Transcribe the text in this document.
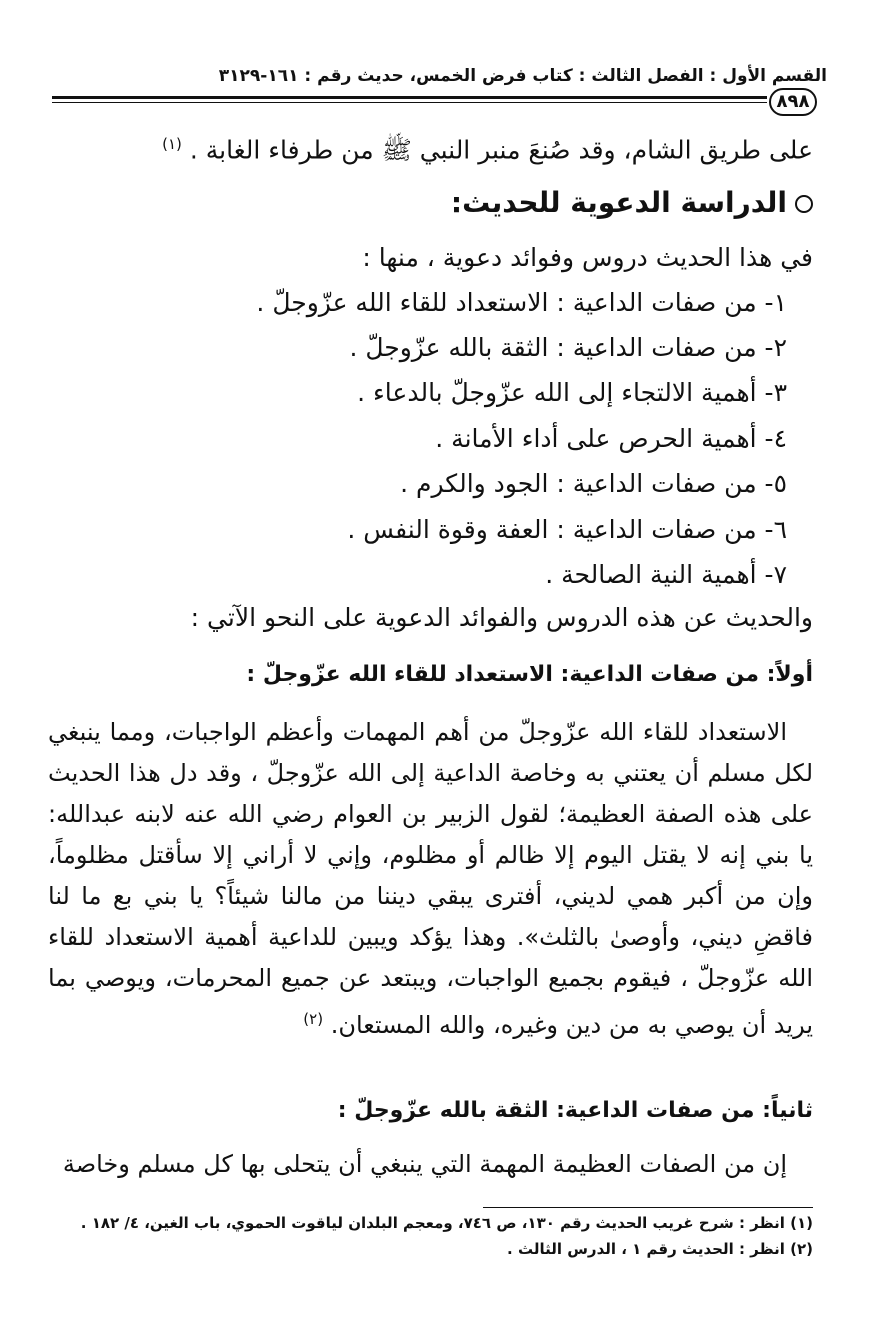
القسم الأول : الفصل الثالث : كتاب فرض الخمس، حديث رقم : ١٦١-٣١٢٩
٨٩٨
على طريق الشام، وقد صُنعَ منبر النبي ﷺ من طرفاء الغابة . $^{(١)}$
الدراسة الدعوية للحديث:
في هذا الحديث دروس وفوائد دعوية ، منها :
١- من صفات الداعية : الاستعداد للقاء الله عزّوجلّ .
٢- من صفات الداعية : الثقة بالله عزّوجلّ .
٣- أهمية الالتجاء إلى الله عزّوجلّ بالدعاء .
٤- أهمية الحرص على أداء الأمانة .
٥- من صفات الداعية : الجود والكرم .
٦- من صفات الداعية : العفة وقوة النفس .
٧- أهمية النية الصالحة .
والحديث عن هذه الدروس والفوائد الدعوية على النحو الآتي :
أولاً: من صفات الداعية: الاستعداد للقاء الله عزّوجلّ :
الاستعداد للقاء الله عزّوجلّ من أهم المهمات وأعظم الواجبات، ومما ينبغي لكل مسلم أن يعتني به وخاصة الداعية إلى الله عزّوجلّ ، وقد دل هذا الحديث على هذه الصفة العظيمة؛ لقول الزبير بن العوام رضي الله عنه لابنه عبدالله: يا بني إنه لا يقتل اليوم إلا ظالم أو مظلوم، وإني لا أراني إلا سأقتل مظلوماً، وإن من أكبر همي لديني، أفترى يبقي ديننا من مالنا شيئاً؟ يا بني بع ما لنا فاقضِ ديني، وأوصىٰ بالثلث». وهذا يؤكد ويبين للداعية أهمية الاستعداد للقاء الله عزّوجلّ ، فيقوم بجميع الواجبات، ويبتعد عن جميع المحرمات، ويوصي بما يريد أن يوصي به من دين وغيره، والله المستعان. $^{(٢)}$
ثانياً: من صفات الداعية: الثقة بالله عزّوجلّ :
إن من الصفات العظيمة المهمة التي ينبغي أن يتحلى بها كل مسلم وخاصة
(١) انظر : شرح غريب الحديث رقم ١٣٠، ص ٧٤٦، ومعجم البلدان لياقوت الحموي، باب الغين، ٤/ ١٨٢ .
(٢) انظر : الحديث رقم ١ ، الدرس الثالث .
